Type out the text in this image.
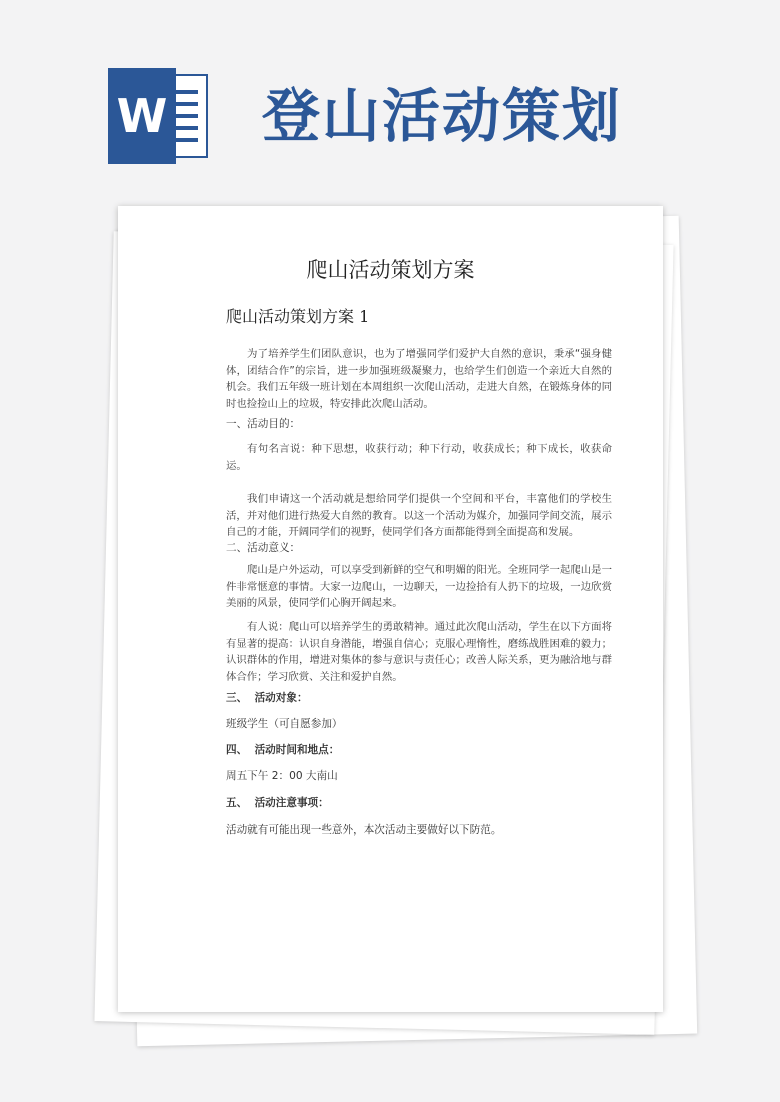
W 登山活动策划
爬山活动策划方案
爬山活动策划方案 1

为了培养学生们团队意识，也为了增强同学们爱护大自然的意识，秉承“强身健体，团结合作”的宗旨，进一步加强班级凝聚力，也给学生们创造一个亲近大自然的机会。我们五年级一班计划在本周组织一次爬山活动，走进大自然，在锻炼身体的同时也捡捡山上的垃圾，特安排此次爬山活动。

一、活动目的：

有句名言说：种下思想，收获行动；种下行动，收获成长；种下成长，收获命运。

我们申请这一个活动就是想给同学们提供一个空间和平台，丰富他们的学校生活，并对他们进行热爱大自然的教育。以这一个活动为媒介，加强同学间交流，展示自己的才能，开阔同学们的视野，使同学们各方面都能得到全面提高和发展。

二、活动意义：

爬山是户外运动，可以享受到新鲜的空气和明媚的阳光。全班同学一起爬山是一件非常惬意的事情。大家一边爬山，一边聊天，一边捡拾有人扔下的垃圾，一边欣赏美丽的风景，使同学们心胸开阔起来。

有人说：爬山可以培养学生的勇敢精神。通过此次爬山活动，学生在以下方面将有显著的提高：认识自身潜能，增强自信心；克服心理惰性，磨练战胜困难的毅力；认识群体的作用，增进对集体的参与意识与责任心；改善人际关系，更为融洽地与群体合作；学习欣赏、关注和爱护自然。

三、  活动对象：
班级学生（可自愿参加）
四、  活动时间和地点：
周五下午 2：00 大南山
五、  活动注意事项：
活动就有可能出现一些意外，本次活动主要做好以下防范。
